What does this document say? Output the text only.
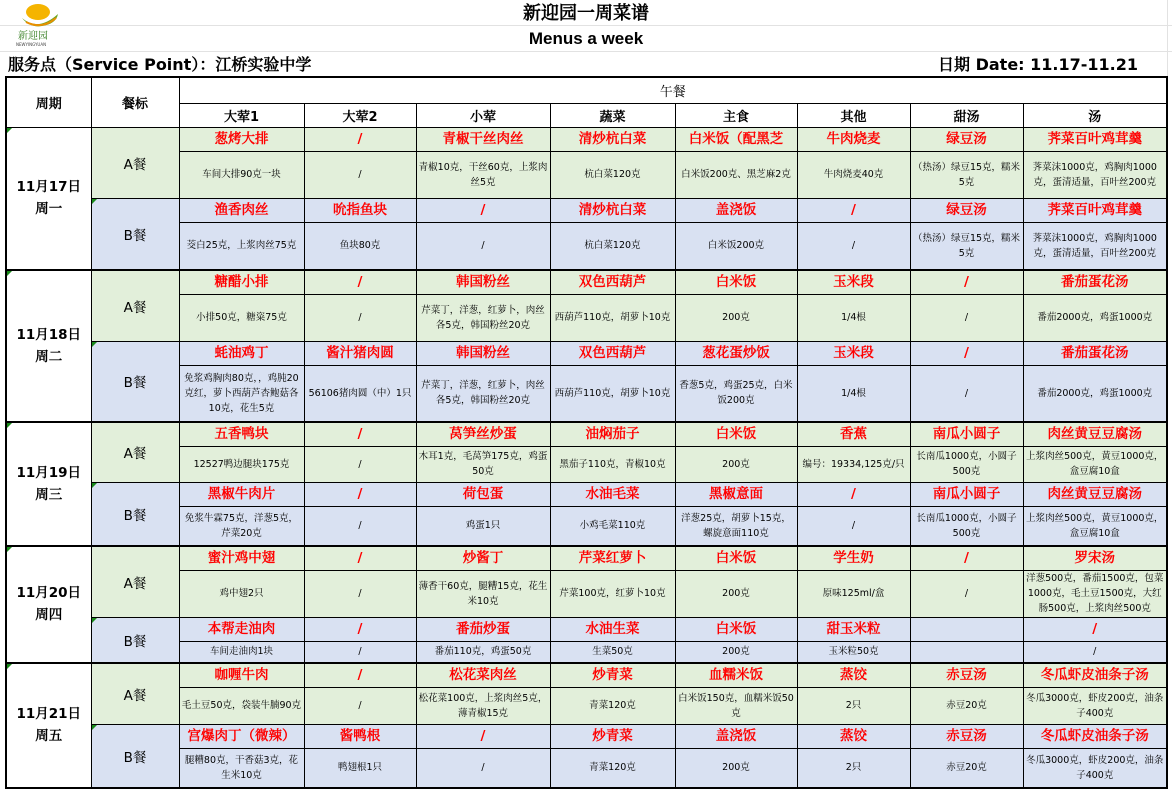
新迎园
NEWYINGYUAN
新迎园一周菜谱
Menus a week
服务点（Service Point）：江桥实验中学	日期 Date: 11.17-11.21
周期	餐标	午餐							
		大荤1	大荤2	小荤	蔬菜	主食	其他	甜汤	汤

11月17日
周一	A餐	葱烤大排	/	青椒干丝肉丝	清炒杭白菜	白米饭（配黑芝	牛肉烧麦	绿豆汤	荠菜百叶鸡茸羹
		车间大排90克一块	/	青椒10克，干丝60克，上浆肉丝5克	杭白菜120克	白米饭200克、黑芝麻2克	牛肉烧麦40克	（热汤）绿豆15克，糯米5克	荠菜沫1000克，鸡胸肉1000克，蛋清适量，百叶丝200克
	B餐	渔香肉丝	吮指鱼块	/	清炒杭白菜	盖浇饭	/	绿豆汤	荠菜百叶鸡茸羹
		茭白25克，上浆肉丝75克	鱼块80克	/	杭白菜120克	白米饭200克	/	（热汤）绿豆15克，糯米5克	荠菜沫1000克，鸡胸肉1000克，蛋清适量，百叶丝200克

11月18日
周二	A餐	糖醋小排	/	韩国粉丝	双色西葫芦	白米饭	玉米段	/	番茄蛋花汤
		小排50克，糖粢75克	/	芹菜丁，洋葱，红萝卜，肉丝各5克，韩国粉丝20克	西葫芦110克，胡萝卜10克	200克	1/4根	/	番茄2000克，鸡蛋1000克
	B餐	蚝油鸡丁	酱汁猪肉圆	韩国粉丝	双色西葫芦	葱花蛋炒饭	玉米段	/	番茄蛋花汤
		免浆鸡胸肉80克，，鸡肫20克红，萝卜西葫芦杏鲍菇各10克，花生5克	56106猪肉圆（中）1只	芹菜丁，洋葱，红萝卜，肉丝各5克，韩国粉丝20克	西葫芦110克，胡萝卜10克	香葱5克，鸡蛋25克，白米饭200克	1/4根	/	番茄2000克，鸡蛋1000克

11月19日
周三	A餐	五香鸭块	/	莴笋丝炒蛋	油焖茄子	白米饭	香蕉	南瓜小圆子	肉丝黄豆豆腐汤
		12527鸭边腿块175克	/	木耳1克，毛莴笋175克，鸡蛋50克	黑茄子110克，青椒10克	200克	编号：19334,125克/只	长南瓜1000克，小圆子500克	上浆肉丝500克，黄豆1000克，盒豆腐10盒
	B餐	黑椒牛肉片	/	荷包蛋	水油毛菜	黑椒意面	/	南瓜小圆子	肉丝黄豆豆腐汤
		免浆牛霖75克，洋葱5克，芹菜20克	/	鸡蛋1只	小鸡毛菜110克	洋葱25克，胡萝卜15克，螺旋意面110克	/	长南瓜1000克，小圆子500克	上浆肉丝500克，黄豆1000克，盒豆腐10盒

11月20日
周四	A餐	蜜汁鸡中翅	/	炒酱丁	芹菜红萝卜	白米饭	学生奶	/	罗宋汤
		鸡中翅2只	/	薄香干60克，腿糟15克，花生米10克	芹菜100克，红萝卜10克	200克	原味125ml/盒	/	洋葱500克，番茄1500克，包菜1000克，毛土豆1500克，大红肠500克，上浆肉丝500克
	B餐	本帮走油肉	/	番茄炒蛋	水油生菜	白米饭	甜玉米粒		/
		车间走油肉1块	/	番茄110克，鸡蛋50克	生菜50克	200克	玉米粒50克		/

11月21日
周五	A餐	咖喱牛肉	/	松花菜肉丝	炒青菜	血糯米饭	蒸饺	赤豆汤	冬瓜虾皮油条子汤
		毛土豆50克，袋装牛腩90克	/	松花菜100克，上浆肉丝5克，薄青椒15克	青菜120克	白米饭150克，血糯米饭50克	2只	赤豆20克	冬瓜3000克，虾皮200克，油条子400克
	B餐	宫爆肉丁（微辣）	酱鸭根	/	炒青菜	盖浇饭	蒸饺	赤豆汤	冬瓜虾皮油条子汤
		腿糟80克，干香菇3克，花生米10克	鸭翅根1只	/	青菜120克	200克	2只	赤豆20克	冬瓜3000克，虾皮200克，油条子400克
